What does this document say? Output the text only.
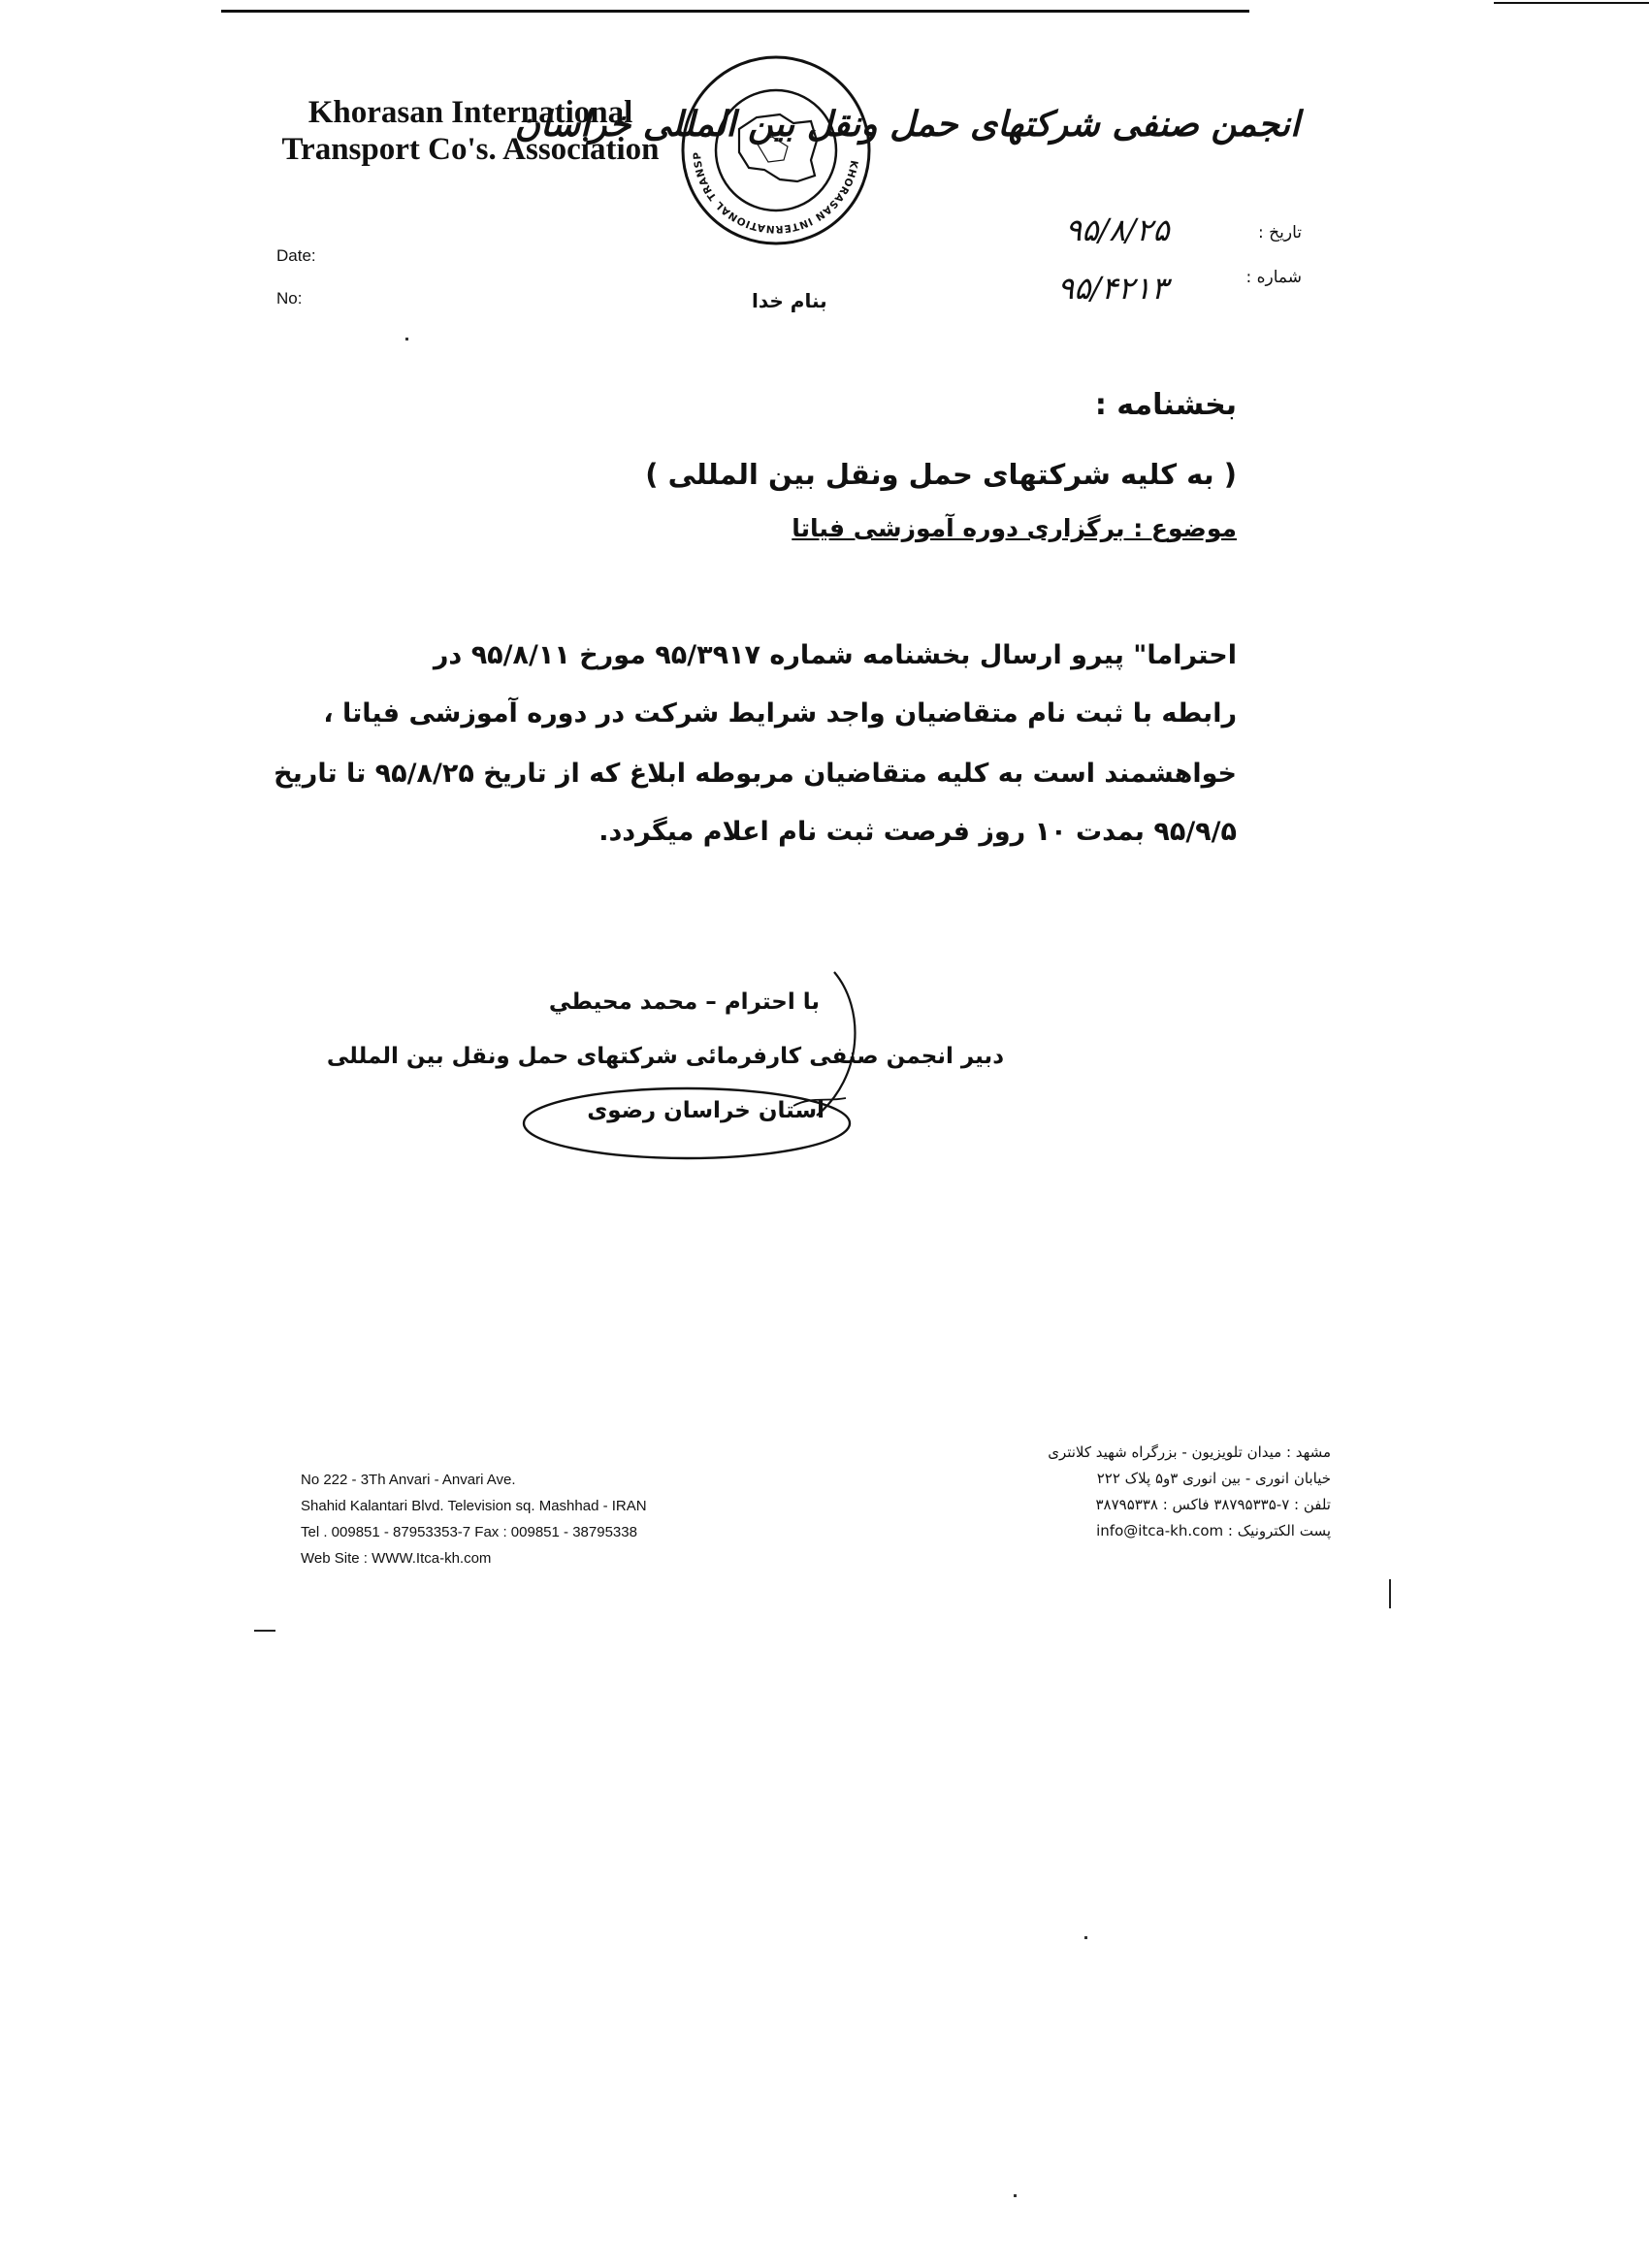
Khorasan International
Transport Co's. Association	KHORASAN INTERNATIONAL TRANSP
انجمن صنفی شرکتهای حمل ونقل بین المللی خراسان
Date:
No:
تاریخ :
شماره :
۹۵/۸/۲۵
۹۵/۴۲۱۳
بنام خدا
بخشنامه :
( به کلیه شرکتهای حمل ونقل بین المللی )
موضوع : برگزاری دوره آموزشی فیاتا
احتراما" پیرو ارسال بخشنامه شماره ۹۵/۳۹۱۷ مورخ ۹۵/۸/۱۱ در
رابطه با ثبت نام متقاضیان واجد شرایط شرکت در دوره آموزشی فیاتا ،
خواهشمند است به کلیه متقاضیان مربوطه ابلاغ که از تاریخ ۹۵/۸/۲۵ تا تاریخ
۹۵/۹/۵ بمدت ۱۰ روز فرصت ثبت نام اعلام میگردد.
با احترام – محمد محیطي
دبیر انجمن صنفی کارفرمائی شرکتهای حمل ونقل بین المللی
استان خراسان رضوی
No 222 - 3Th Anvari - Anvari Ave.
Shahid Kalantari Blvd. Television sq. Mashhad - IRAN
Tel . 009851 - 87953353-7 Fax : 009851 - 38795338
Web Site : WWW.Itca-kh.com
مشهد : میدان تلویزیون - بزرگراه شهید کلانتری
خیابان انوری - بین انوری ۳و۵ پلاک ۲۲۲
تلفن : ۷-۳۸۷۹۵۳۳۵ فاکس : ۳۸۷۹۵۳۳۸
پست الکترونیک : info@itca-kh.com
